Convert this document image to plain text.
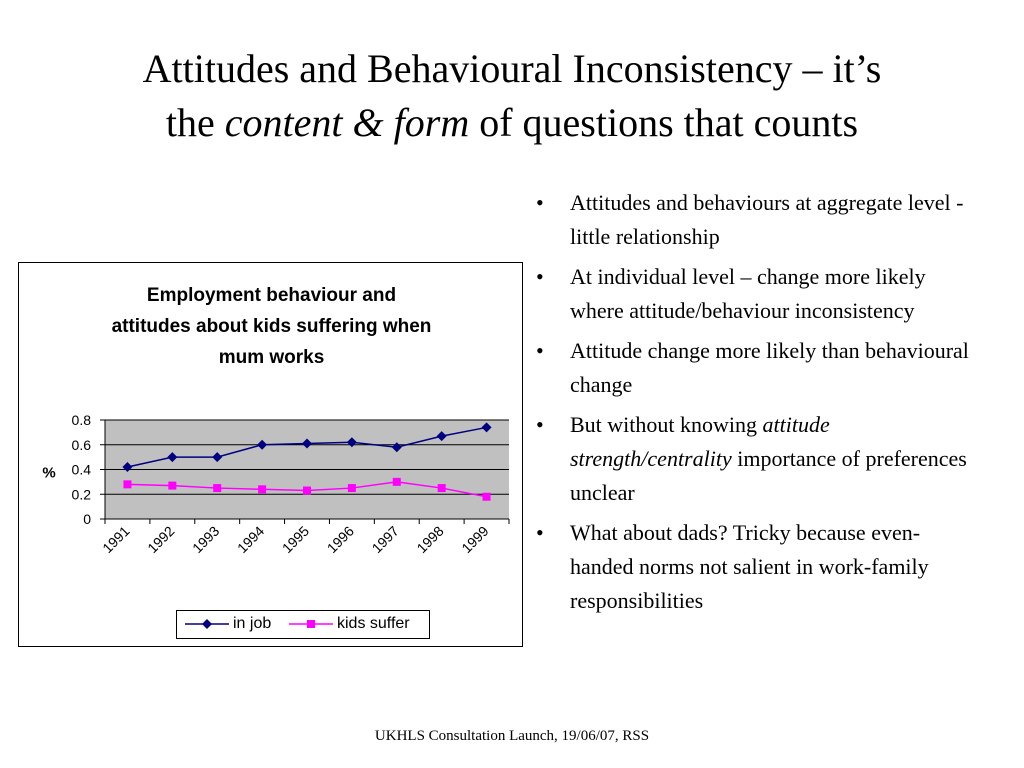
Attitudes and Behavioural Inconsistency – it’s
the content & form of questions that counts
Employment behaviour and
attitudes about kids suffering when
mum works
0
0.2
0.4
0.6
0.8
%
1991 1992 1993 1994 1995 1996 1997 1998 1999
in job	kids suffer
• Attitudes and behaviours at aggregate level - little relationship
• At individual level – change more likely where attitude/behaviour inconsistency
• Attitude change more likely than behavioural change
• But without knowing attitude strength/centrality importance of preferences unclear
• What about dads? Tricky because even-handed norms not salient in work-family responsibilities
UKHLS Consultation Launch, 19/06/07, RSS
